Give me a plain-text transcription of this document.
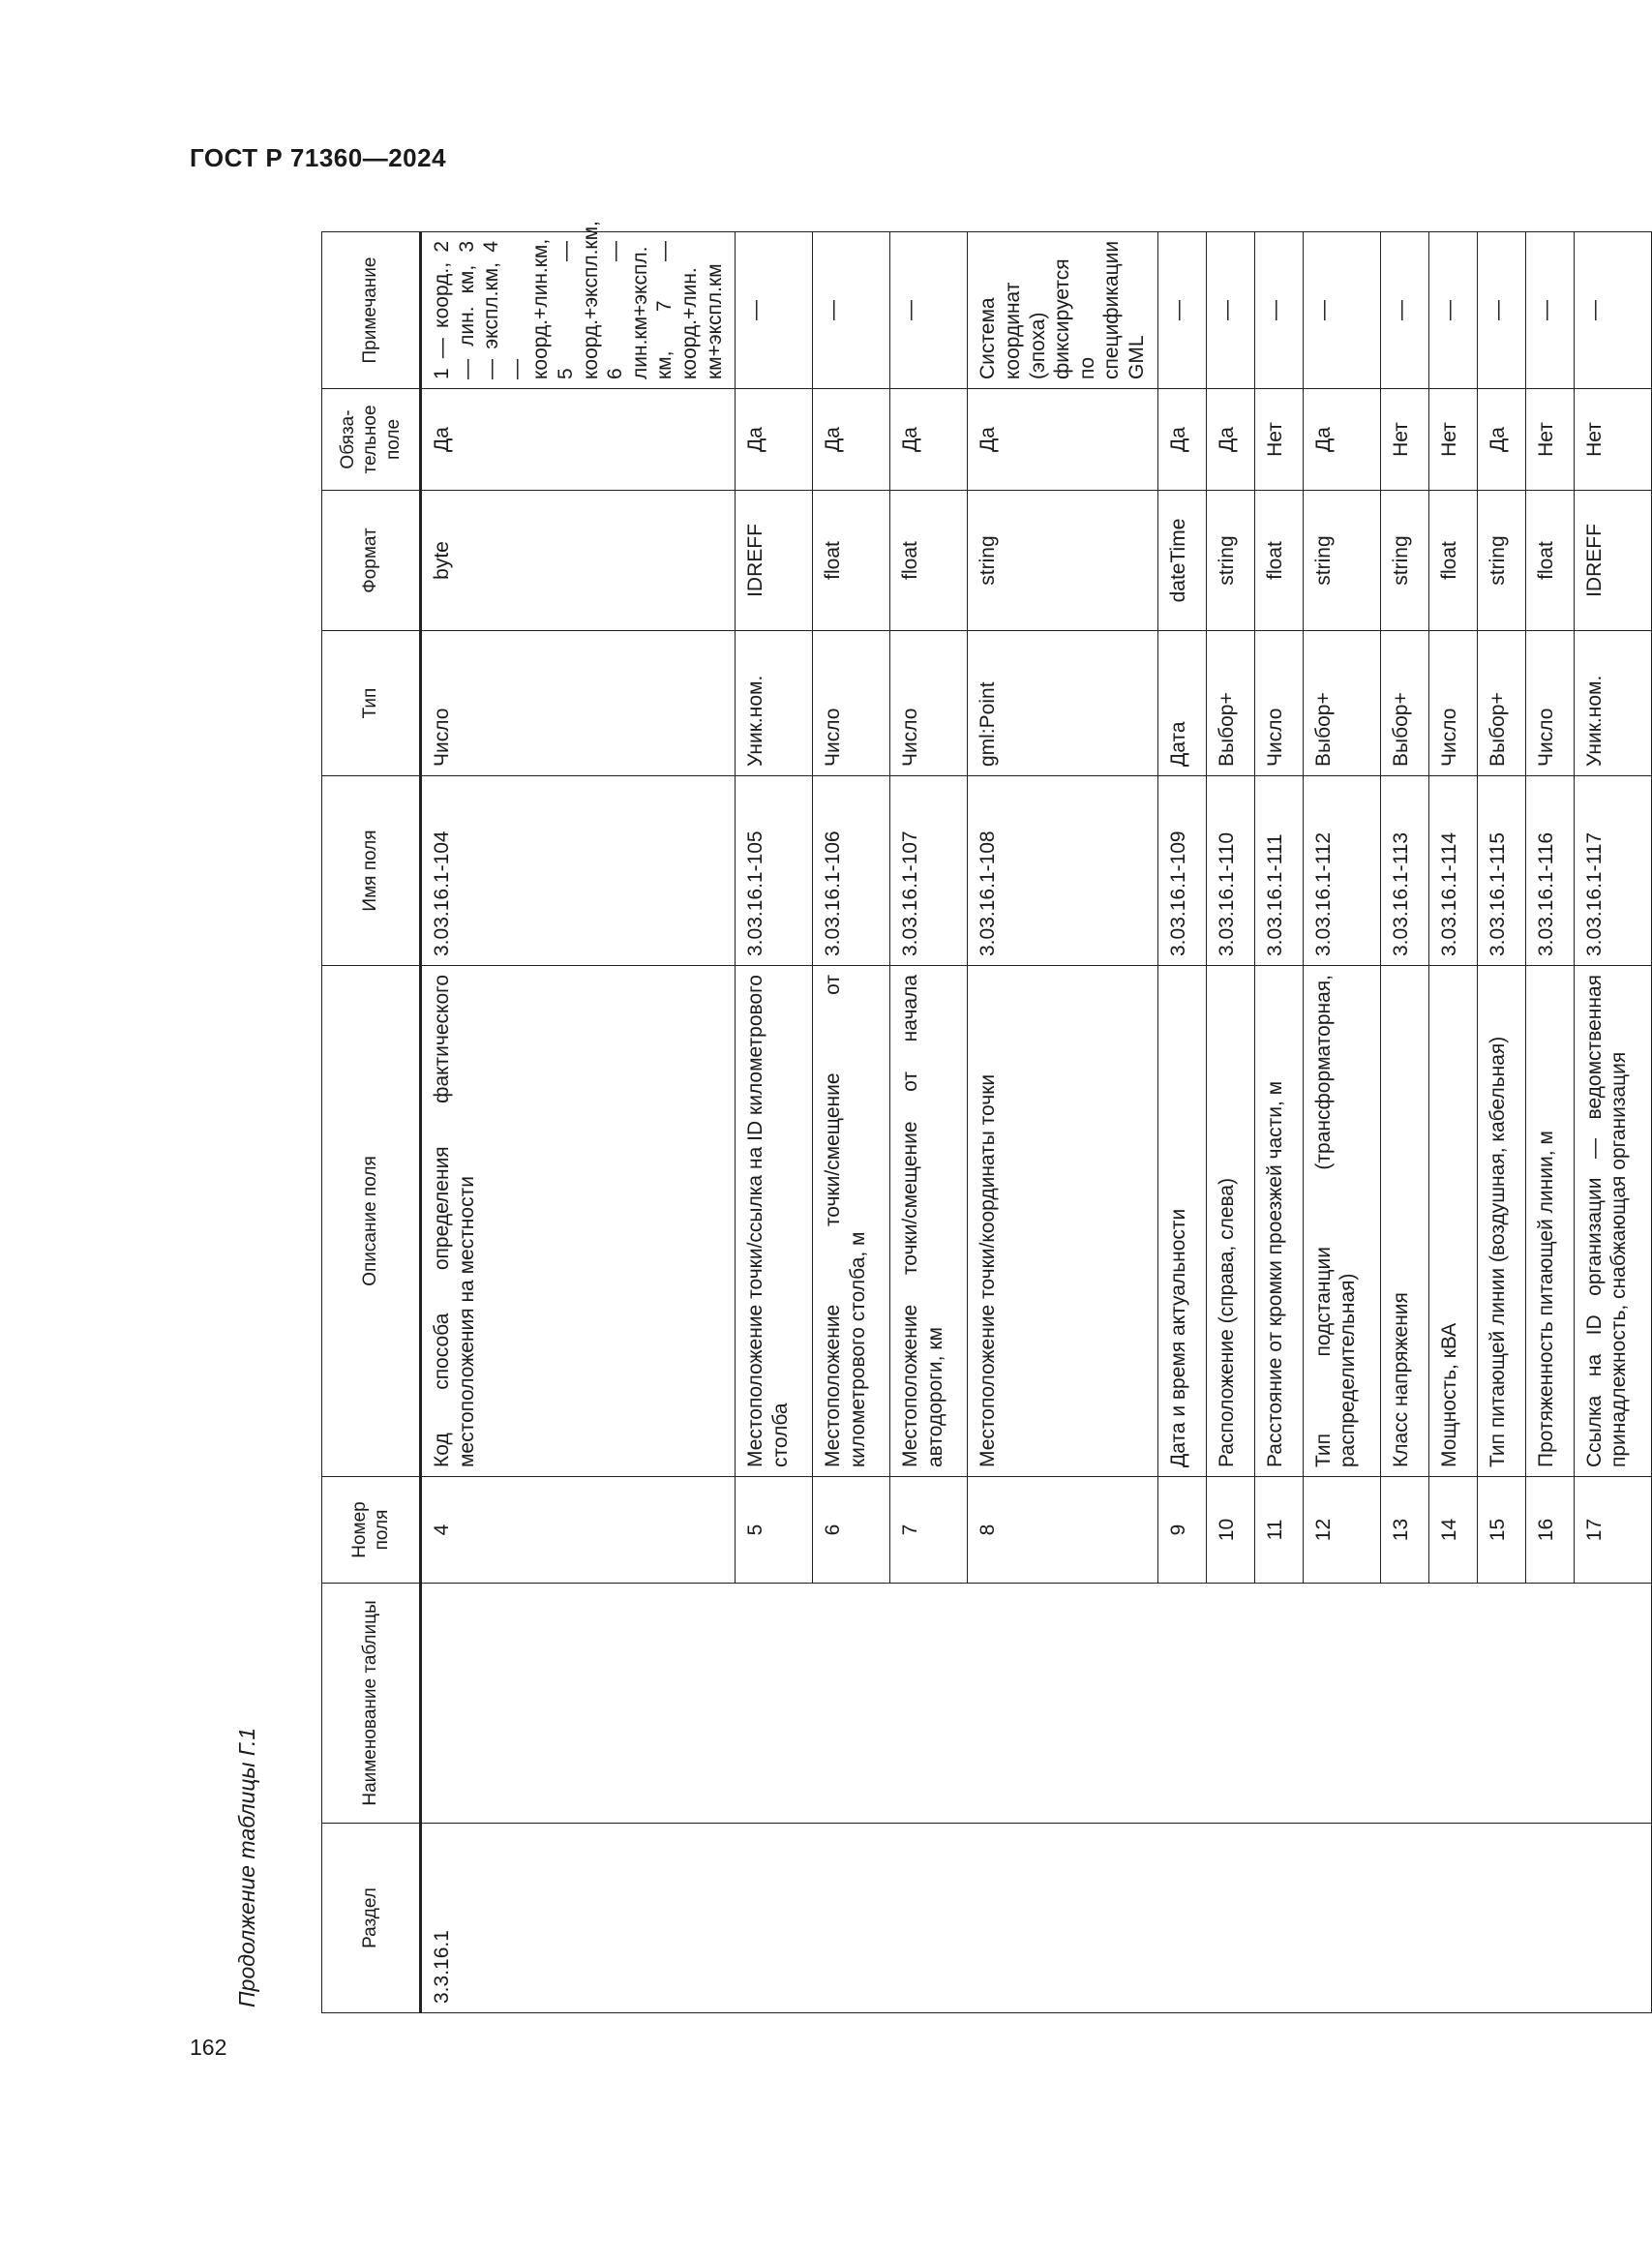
ГОСТ Р 71360—2024
162
Продолжение таблицы Г.1	Раздел	Наименование таблицы	Номер поля	Описание поля	Имя поля	Тип	Формат	Обяза-тельное поле	Примечание
3.3.16.1		4	Код способа определения фактического местоположения на местности	3.03.16.1-104	Число	byte	Да	1 — коорд., 2 — лин. км, 3 — экспл.км, 4 — коорд.+лин.км, 5 — коорд.+экспл.км, 6 — лин.км+экспл. км, 7 — коорд.+лин. км+экспл.км
		5	Местоположение точки/ссылка на ID километрового столба	3.03.16.1-105	Уник.ном.	IDREFF	Да	—
		6	Местоположение точки/смещение от километрового столба, м	3.03.16.1-106	Число	float	Да	—
		7	Местоположение точки/смещение от начала автодороги, км	3.03.16.1-107	Число	float	Да	—
		8	Местоположение точки/координаты точки	3.03.16.1-108	gml:Point	string	Да	Система координат (эпоха) фиксируется по спецификации GML
		9	Дата и время актуальности	3.03.16.1-109	Дата	dateTime	Да	—
		10	Расположение (справа, слева)	3.03.16.1-110	Выбор+	string	Да	—
		11	Расстояние от кромки проезжей части, м	3.03.16.1-111	Число	float	Нет	—
		12	Тип подстанции (трансформаторная, распределительная)	3.03.16.1-112	Выбор+	string	Да	—
		13	Класс напряжения	3.03.16.1-113	Выбор+	string	Нет	—
		14	Мощность, кВА	3.03.16.1-114	Число	float	Нет	—
		15	Тип питающей линии (воздушная, кабельная)	3.03.16.1-115	Выбор+	string	Да	—
		16	Протяженность питающей линии, м	3.03.16.1-116	Число	float	Нет	—
		17	Ссылка на ID организации — ведомственная принадлежность, снабжающая организация	3.03.16.1-117	Уник.ном.	IDREFF	Нет	—
